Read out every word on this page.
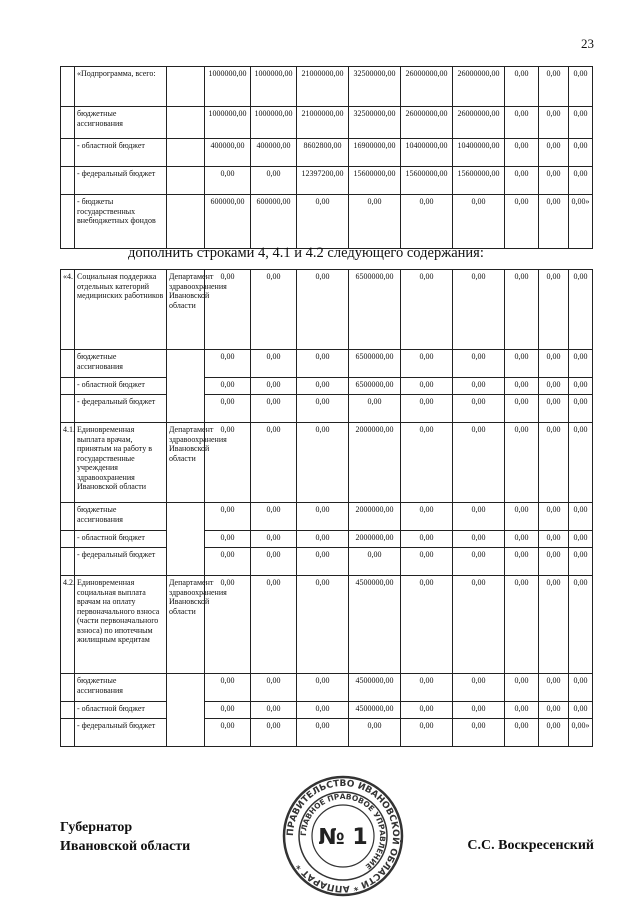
23
	«Подпрограмма, всего:		1000000,00	1000000,00	21000000,00	32500000,00	26000000,00	26000000,00	0,00	0,00	0,00
	бюджетные ассигнования		1000000,00	1000000,00	21000000,00	32500000,00	26000000,00	26000000,00	0,00	0,00	0,00
	- областной бюджет		400000,00	400000,00	8602800,00	16900000,00	10400000,00	10400000,00	0,00	0,00	0,00
	- федеральный бюджет		0,00	0,00	12397200,00	15600000,00	15600000,00	15600000,00	0,00	0,00	0,00
	- бюджеты государственных внебюджетных фондов		600000,00	600000,00	0,00	0,00	0,00	0,00	0,00	0,00	0,00»
дополнить строками 4, 4.1 и 4.2 следующего содержания:
«4.	Социальная поддержка отдельных категорий медицинских работников	Департамент здравоохранения Ивановской области	0,00	0,00	0,00	6500000,00	0,00	0,00	0,00	0,00	0,00
	бюджетные ассигнования		0,00	0,00	0,00	6500000,00	0,00	0,00	0,00	0,00	0,00
	- областной бюджет		0,00	0,00	0,00	6500000,00	0,00	0,00	0,00	0,00	0,00
	- федеральный бюджет		0,00	0,00	0,00	0,00	0,00	0,00	0,00	0,00	0,00
4.1.	Единовременная выплата врачам, принятым на работу в государственные учреждения здравоохранения Ивановской области	Департамент здравоохранения Ивановской области	0,00	0,00	0,00	2000000,00	0,00	0,00	0,00	0,00	0,00
	бюджетные ассигнования		0,00	0,00	0,00	2000000,00	0,00	0,00	0,00	0,00	0,00
	- областной бюджет		0,00	0,00	0,00	2000000,00	0,00	0,00	0,00	0,00	0,00
	- федеральный бюджет		0,00	0,00	0,00	0,00	0,00	0,00	0,00	0,00	0,00
4.2.	Единовременная социальная выплата врачам на оплату первоначального взноса (части первоначального взноса) по ипотечным жилищным кредитам	Департамент здравоохранения Ивановской области	0,00	0,00	0,00	4500000,00	0,00	0,00	0,00	0,00	0,00
	бюджетные ассигнования		0,00	0,00	0,00	4500000,00	0,00	0,00	0,00	0,00	0,00
	- областной бюджет		0,00	0,00	0,00	4500000,00	0,00	0,00	0,00	0,00	0,00
	- федеральный бюджет		0,00	0,00	0,00	0,00	0,00	0,00	0,00	0,00	0,00»
Губернатор
Ивановской области
ПРАВИТЕЛЬСТВО ИВАНОВСКОЙ ОБЛАСТИ * АППАРАТ *
ГЛАВНОЕ ПРАВОВОЕ УПРАВЛЕНИЕ
№ 1	С.С. Воскресенский
